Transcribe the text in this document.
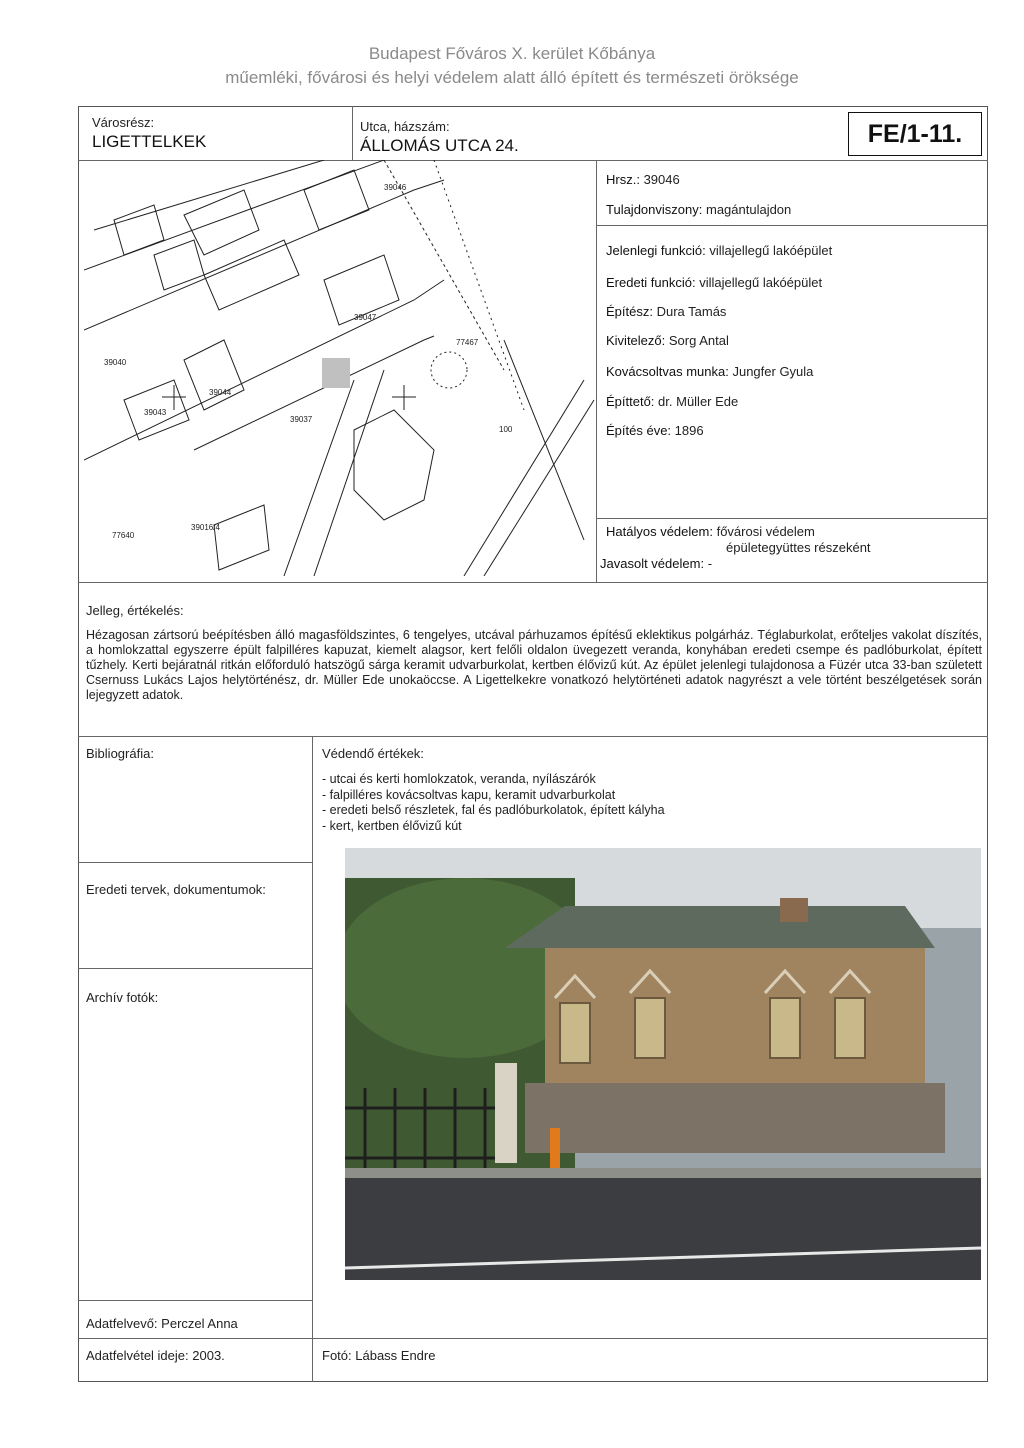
Budapest Főváros X. kerület Kőbánya
műemléki, fővárosi és helyi védelem alatt álló épített és természeti öröksége
Városrész:
LIGETTELKEK
Utca, házszám:
ÁLLOMÁS UTCA 24.	FE/1-11.
Hrsz.: 39046
Tulajdonviszony: magántulajdon
Jelenlegi funkció: villajellegű lakóépület
Eredeti funkció: villajellegű lakóépület
Építész: Dura Tamás
Kivitelező: Sorg Antal
Kovácsoltvas munka: Jungfer Gyula
Építtető: dr. Müller Ede
Építés éve: 1896
Hatályos védelem: fővárosi védelem
épületegyüttes részeként
Javasolt védelem: -
39046
39047
39040
39044
39043
77467
77640
100
39037
39016/4
Jelleg, értékelés:
Hézagosan zártsorú beépítésben álló magasföldszintes, 6 tengelyes, utcával párhuzamos építésű eklektikus polgárház. Téglaburkolat, erőteljes vakolat díszítés, a homlokzattal egyszerre épült falpilléres kapuzat, kiemelt alagsor, kert felőli oldalon üvegezett veranda, konyhában eredeti csempe és padlóburkolat, épített tűzhely. Kerti bejáratnál ritkán előforduló hatszögű sárga keramit udvarburkolat, kertben élővizű kút. Az épület jelenlegi tulajdonosa a Füzér utca 33-ban született Csernuss Lukács Lajos helytörténész, dr. Müller Ede unokaöccse. A Ligettelkekre vonatkozó helytörténeti adatok nagyrészt a vele történt beszélgetések során lejegyzett adatok.
Bibliográfia:	Védendő értékek:
- utcai és kerti homlokzatok, veranda, nyílászárók
- falpilléres kovácsoltvas kapu, keramit udvarburkolat
- eredeti belső részletek, fal és padlóburkolatok, épített kályha
- kert, kertben élővizű kút
Eredeti tervek, dokumentumok:
Archív fotók:
Adatfelvevő: Perczel Anna
Adatfelvétel ideje: 2003.	Fotó: Lábass Endre
